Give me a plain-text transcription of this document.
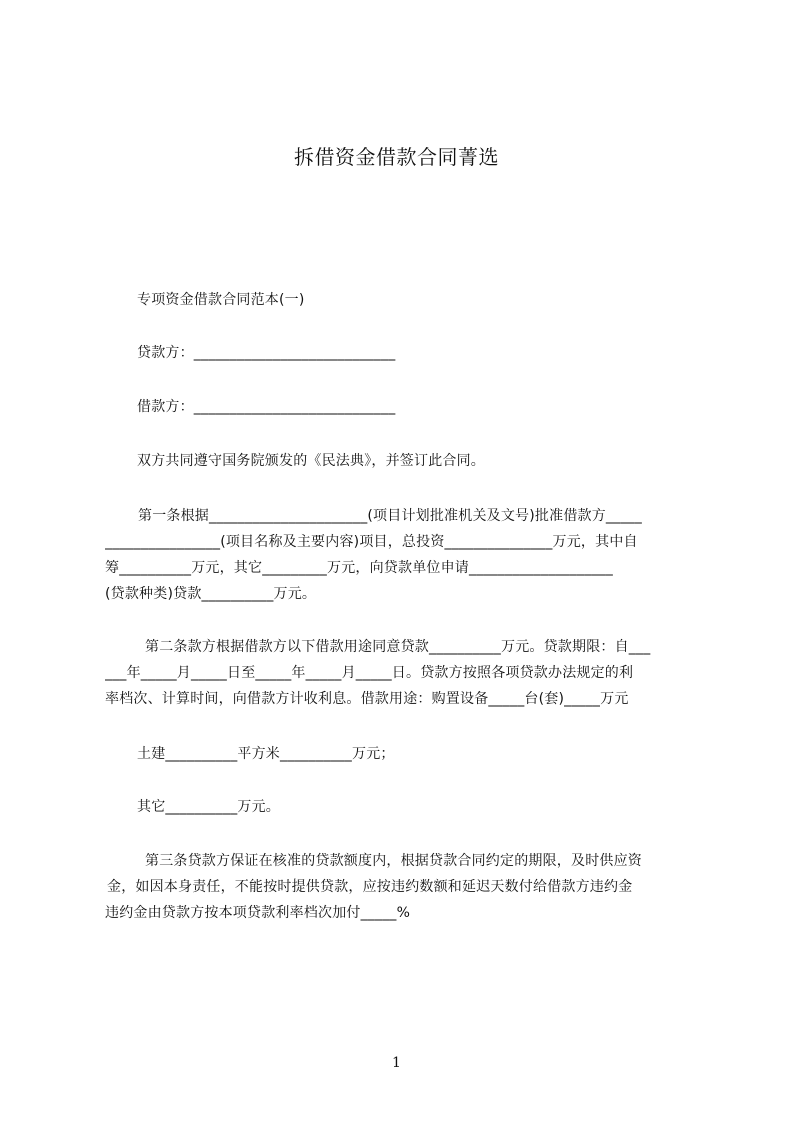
拆借资金借款合同菁选
专项资金借款合同范本(一)
贷款方：____________________________
借款方：____________________________
双方共同遵守国务院颁发的《民法典》，并签订此合同。
第一条根据______________________(项目计划批准机关及文号)批准借款方_____
________________(项目名称及主要内容)项目，总投资_______________万元，其中自
筹__________万元，其它_________万元，向贷款单位申请____________________
(贷款种类)贷款__________万元。
第二条款方根据借款方以下借款用途同意贷款__________万元。贷款期限：自___
___年_____月_____日至_____年_____月_____日。贷款方按照各项贷款办法规定的利
率档次、计算时间，向借款方计收利息。借款用途：购置设备_____台(套)_____万元
土建__________平方米__________万元；
其它__________万元。
第三条贷款方保证在核准的贷款额度内，根据贷款合同约定的期限，及时供应资
金，如因本身责任，不能按时提供贷款，应按违约数额和延迟天数付给借款方违约金
违约金由贷款方按本项贷款利率档次加付_____%
1
